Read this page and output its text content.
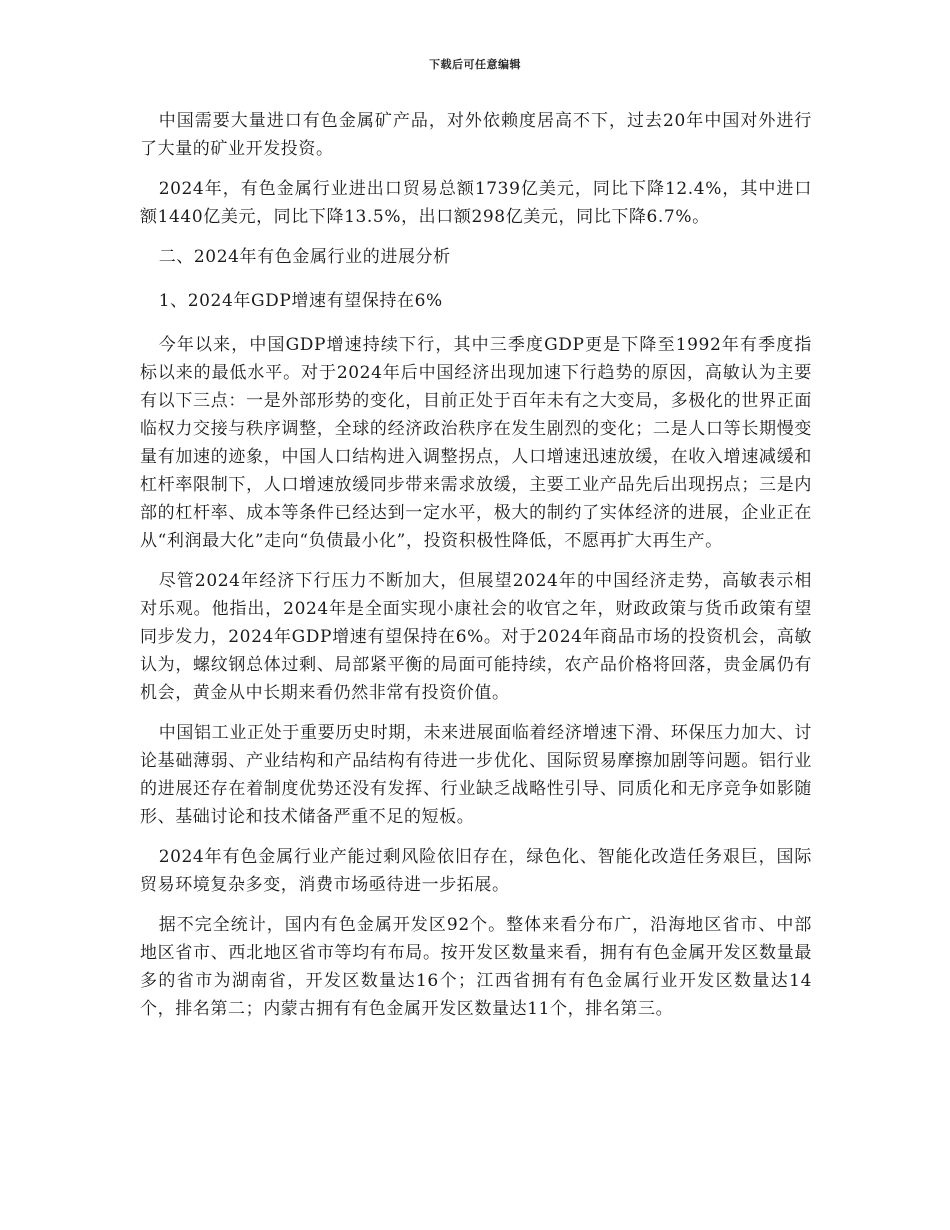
下载后可任意编辑

中国需要大量进口有色金属矿产品，对外依赖度居高不下，过去20年中国对外进行了大量的矿业开发投资。

2024年，有色金属行业进出口贸易总额1739亿美元，同比下降12.4%，其中进口额1440亿美元，同比下降13.5%，出口额298亿美元，同比下降6.7%。

二、2024年有色金属行业的进展分析

1、2024年GDP增速有望保持在6%

今年以来，中国GDP增速持续下行，其中三季度GDP更是下降至1992年有季度指标以来的最低水平。对于2024年后中国经济出现加速下行趋势的原因，高敏认为主要有以下三点：一是外部形势的变化，目前正处于百年未有之大变局，多极化的世界正面临权力交接与秩序调整，全球的经济政治秩序在发生剧烈的变化；二是人口等长期慢变量有加速的迹象，中国人口结构进入调整拐点，人口增速迅速放缓，在收入增速减缓和杠杆率限制下，人口增速放缓同步带来需求放缓，主要工业产品先后出现拐点；三是内部的杠杆率、成本等条件已经达到一定水平，极大的制约了实体经济的进展，企业正在从“利润最大化”走向“负债最小化”，投资积极性降低，不愿再扩大再生产。

尽管2024年经济下行压力不断加大，但展望2024年的中国经济走势，高敏表示相对乐观。他指出，2024年是全面实现小康社会的收官之年，财政政策与货币政策有望同步发力，2024年GDP增速有望保持在6%。对于2024年商品市场的投资机会，高敏认为，螺纹钢总体过剩、局部紧平衡的局面可能持续，农产品价格将回落，贵金属仍有机会，黄金从中长期来看仍然非常有投资价值。

中国铝工业正处于重要历史时期，未来进展面临着经济增速下滑、环保压力加大、讨论基础薄弱、产业结构和产品结构有待进一步优化、国际贸易摩擦加剧等问题。铝行业的进展还存在着制度优势还没有发挥、行业缺乏战略性引导、同质化和无序竞争如影随形、基础讨论和技术储备严重不足的短板。

2024年有色金属行业产能过剩风险依旧存在，绿色化、智能化改造任务艰巨，国际贸易环境复杂多变，消费市场亟待进一步拓展。

据不完全统计，国内有色金属开发区92个。整体来看分布广，沿海地区省市、中部地区省市、西北地区省市等均有布局。按开发区数量来看，拥有有色金属开发区数量最多的省市为湖南省，开发区数量达16个；江西省拥有有色金属行业开发区数量达14个，排名第二；内蒙古拥有有色金属开发区数量达11个，排名第三。
